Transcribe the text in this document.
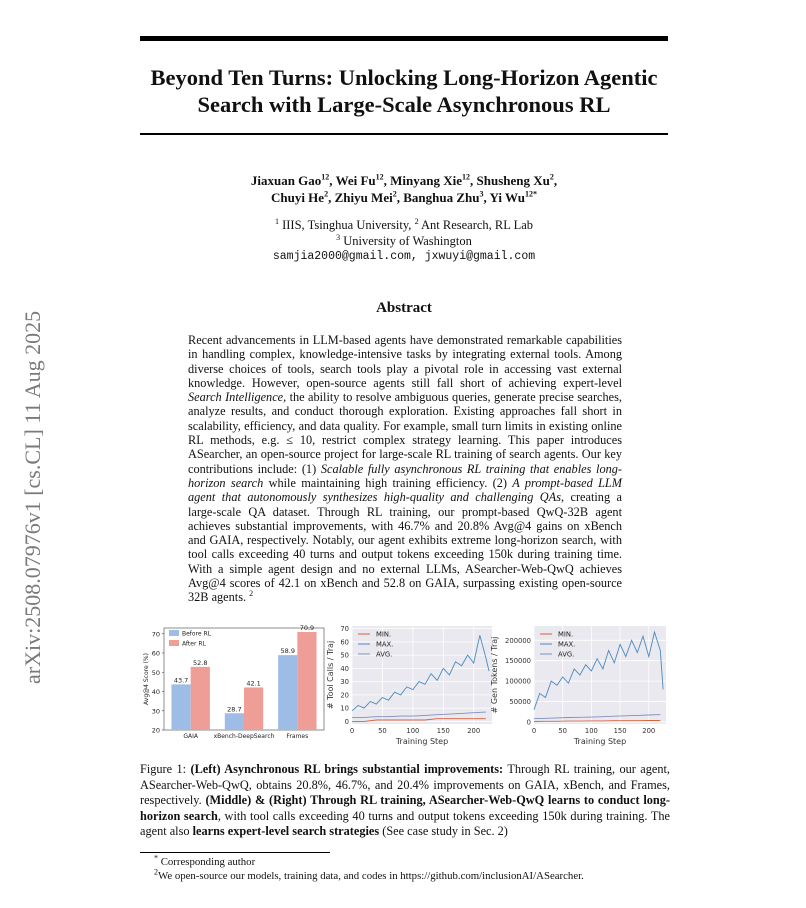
arXiv:2508.07976v1 [cs.CL] 11 Aug 2025
Beyond Ten Turns: Unlocking Long-Horizon Agentic
Search with Large-Scale Asynchronous RL
Jiaxuan Gao$^{12}$, Wei Fu$^{12}$, Minyang Xie$^{12}$, Shusheng Xu$^2$,
Chuyi He$^2$, Zhiyu Mei$^2$, Banghua Zhu$^3$, Yi $Wu^{12*}$
$^1$ IIIS, Tsinghua University, $^2$ Ant Research, RL Lab
$^3$ University of Washington
samjia2000@gmail.com, jxwuyi@gmail.com
Abstract
Recent advancements in LLM-based agents have demonstrated remarkable capabilities in handling complex, knowledge-intensive tasks by integrating external tools. Among diverse choices of tools, search tools play a pivotal role in accessing vast external knowledge. However, open-source agents still fall short of achieving expert-level Search Intelligence, the ability to resolve ambiguous queries, generate precise searches, analyze results, and conduct thorough exploration. Existing approaches fall short in scalability, efficiency, and data quality. For example, small turn limits in existing online RL methods, e.g. ≤ 10, restrict complex strategy learning. This paper introduces ASearcher, an open-source project for large-scale RL training of search agents. Our key contributions include: (1) Scalable fully asynchronous RL training that enables long-horizon search while maintaining high training efficiency. (2) A prompt-based LLM agent that autonomously synthesizes high-quality and challenging QAs, creating a large-scale QA dataset. Through RL training, our prompt-based QwQ-32B agent achieves substantial improvements, with 46.7% and 20.8% Avg@4 gains on xBench and GAIA, respectively. Notably, our agent exhibits extreme long-horizon search, with tool calls exceeding 40 turns and output tokens exceeding 150k during training time. With a simple agent design and no external LLMs, ASearcher-Web-QwQ achieves Avg@4 scores of 42.1 on xBench and 52.8 on GAIA, surpassing existing open-source 32B agents. $^2$
20
30
40
50
60
70
Avg@4 Score (%)	43.7
52.8
GAIA
28.7
42.1
xBench-DeepSearch
58.9
70.9
Frames
Before RL
After RL
0
10
20
30
40
50
60
70
0	50	100	150	200
Training Step
# Tool Calls / Traj
MIN.
MAX.
AVG.
0
50000
100000
150000
200000
0	50	100 150 200
Training Step
# Gen Tokens / Traj
MIN.
MAX.
AVG.
Figure 1: (Left) Asynchronous RL brings substantial improvements: Through RL training, our agent, ASearcher-Web-QwQ, obtains 20.8%, 46.7%, and 20.4% improvements on GAIA, xBench, and Frames, respectively. (Middle) & (Right) Through RL training, ASearcher-Web-QwQ learns to conduct long-horizon search, with tool calls exceeding 40 turns and output tokens exceeding 150k during training. The agent also learns expert-level search strategies (See case study in Sec. 2)
* Corresponding author
$^2$We open-source our models, training data, and codes in https://github.com/inclusionAI/ASearcher.
